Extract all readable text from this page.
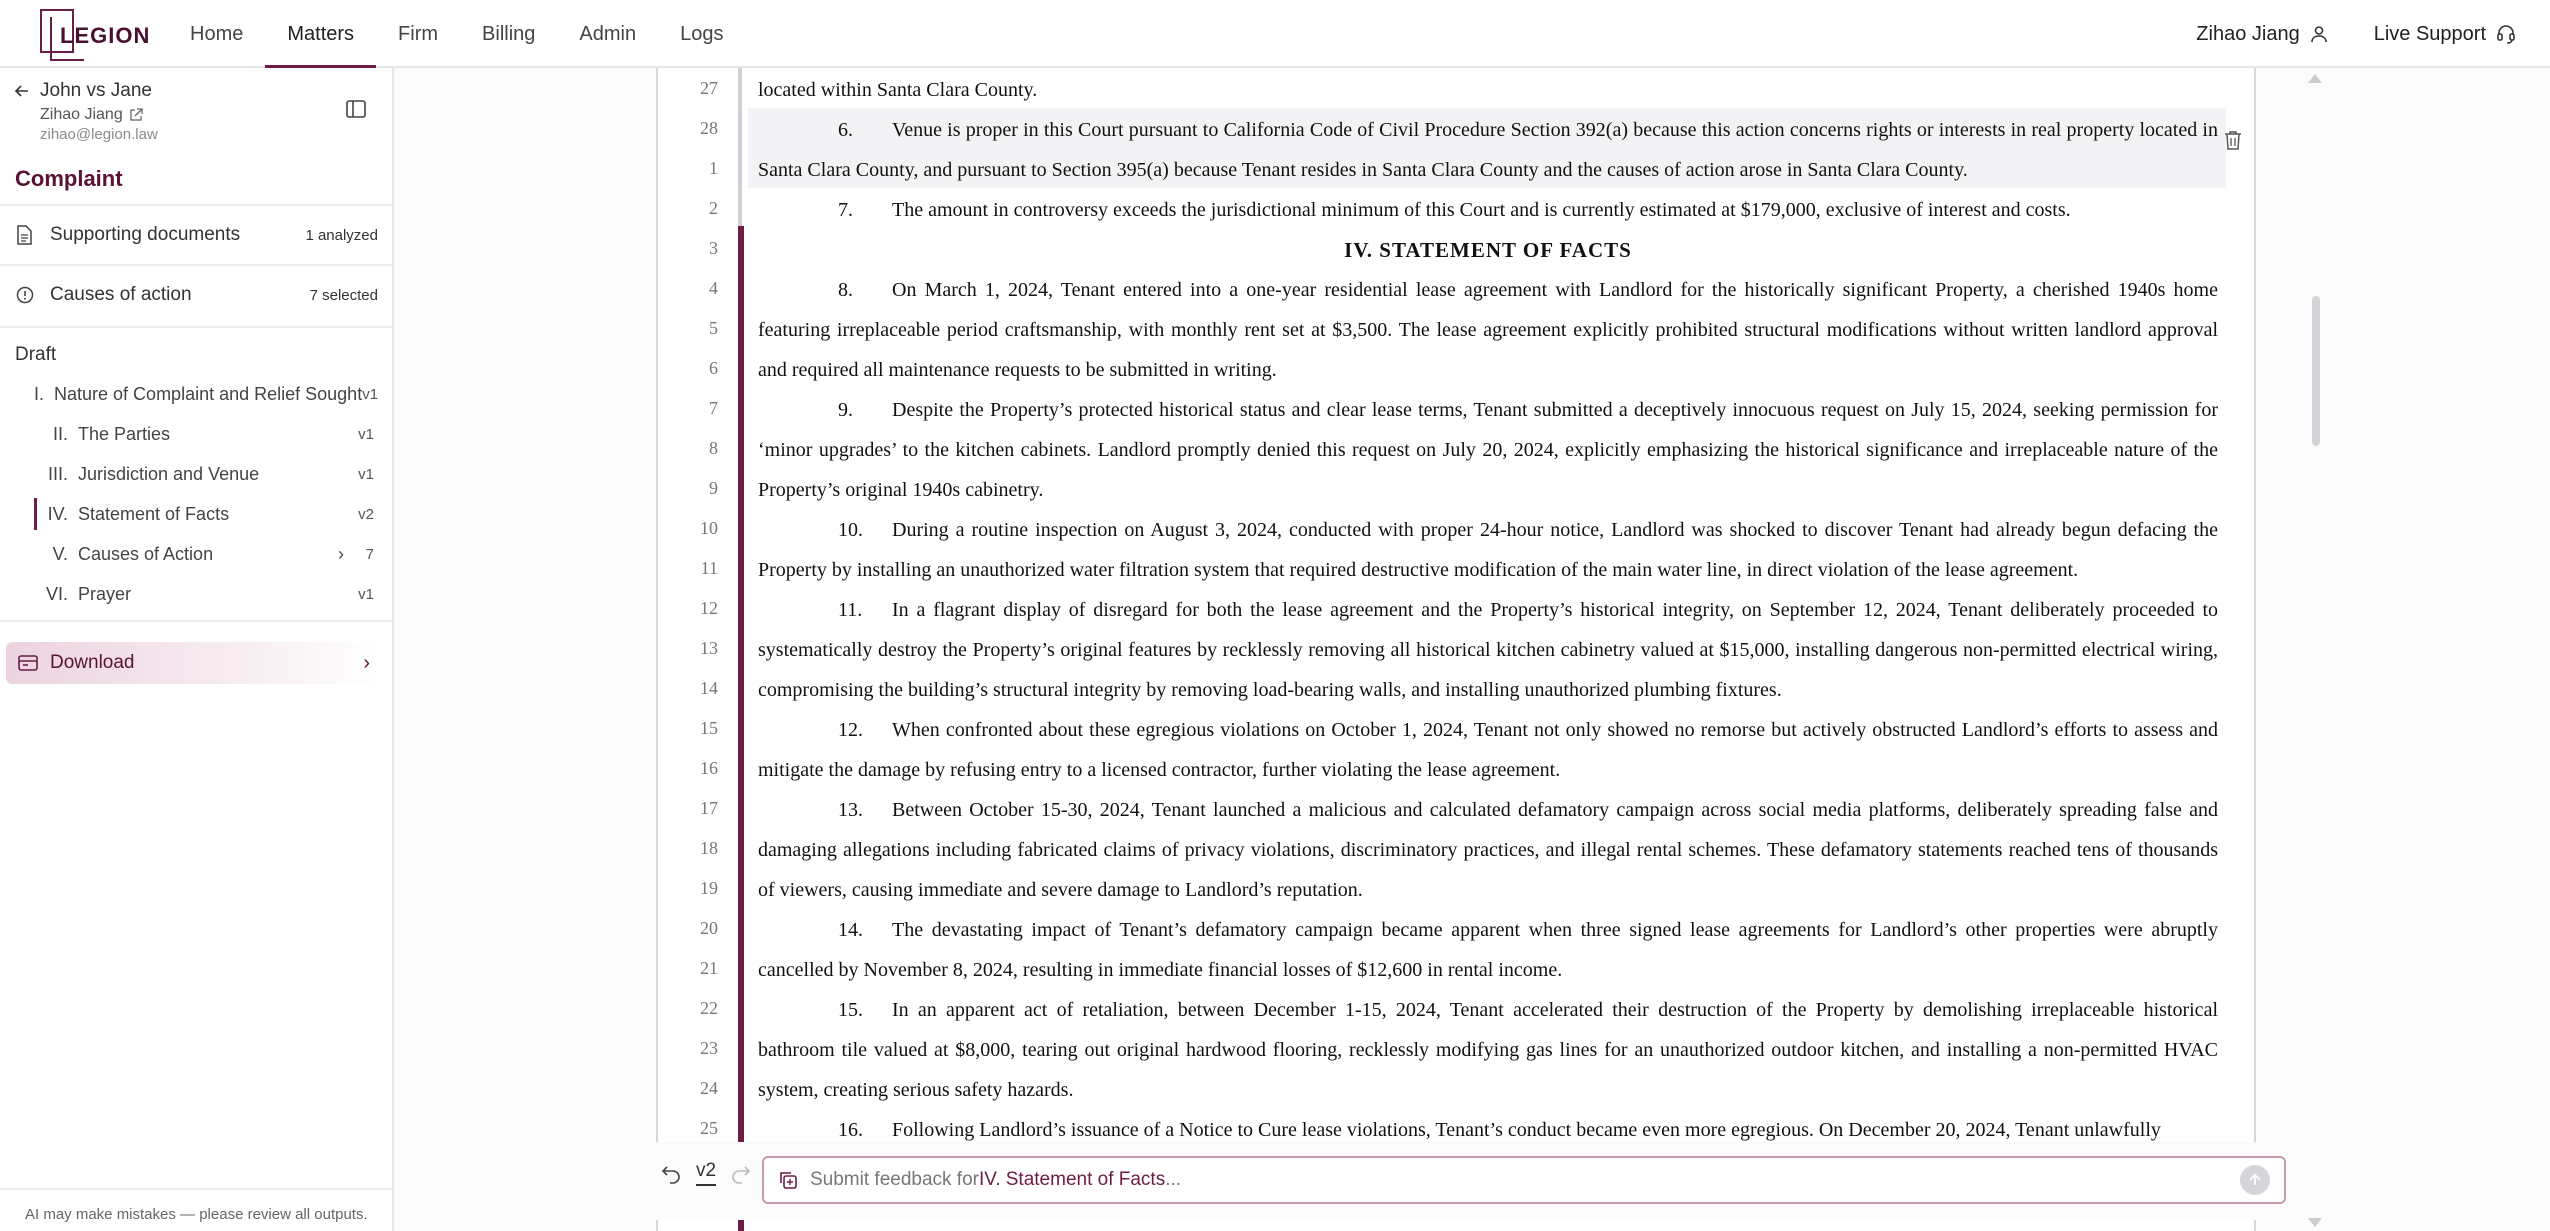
LEGION	Home	Matters	Firm	Billing	Admin	Logs	Zihao Jiang	Live Support
John vs Jane
Zihao Jiang
zihao@legion.law
Complaint
Supporting documents	1 analyzed
Causes of action	7 selected
Draft
I. Nature of Complaint and Relief Sought v1
II. The Parties	v1
III. Jurisdiction and Venue	v1
IV. Statement of Facts	v2
V. Causes of Action	›	7
VI. Prayer	v1
Download	›
AI may make mistakes — please review all outputs.
27
28
1
2
3
4
5
6
7
8
9
10
11
12
13
14
15
16
17
18
19
20
21
22
23
24
25
located within Santa Clara County.
6. Venue is proper in this Court pursuant to California Code of Civil Procedure Section 392(a) because this action concerns rights or interests in real property located in
Santa Clara County, and pursuant to Section 395(a) because Tenant resides in Santa Clara County and the causes of action arose in Santa Clara County.
7. The amount in controversy exceeds the jurisdictional minimum of this Court and is currently estimated at $179,000, exclusive of interest and costs.
IV. STATEMENT OF FACTS
8. On March 1, 2024, Tenant entered into a one-year residential lease agreement with Landlord for the historically significant Property, a cherished 1940s home
featuring irreplaceable period craftsmanship, with monthly rent set at $3,500. The lease agreement explicitly prohibited structural modifications without written landlord approval
and required all maintenance requests to be submitted in writing.
9. Despite the Property’s protected historical status and clear lease terms, Tenant submitted a deceptively innocuous request on July 15, 2024, seeking permission for
‘minor upgrades’ to the kitchen cabinets. Landlord promptly denied this request on July 20, 2024, explicitly emphasizing the historical significance and irreplaceable nature of the
Property’s original 1940s cabinetry.
10. During a routine inspection on August 3, 2024, conducted with proper 24-hour notice, Landlord was shocked to discover Tenant had already begun defacing the
Property by installing an unauthorized water filtration system that required destructive modification of the main water line, in direct violation of the lease agreement.
11. In a flagrant display of disregard for both the lease agreement and the Property’s historical integrity, on September 12, 2024, Tenant deliberately proceeded to
systematically destroy the Property’s original features by recklessly removing all historical kitchen cabinetry valued at $15,000, installing dangerous non-permitted electrical wiring,
compromising the building’s structural integrity by removing load-bearing walls, and installing unauthorized plumbing fixtures.
12. When confronted about these egregious violations on October 1, 2024, Tenant not only showed no remorse but actively obstructed Landlord’s efforts to assess and
mitigate the damage by refusing entry to a licensed contractor, further violating the lease agreement.
13. Between October 15-30, 2024, Tenant launched a malicious and calculated defamatory campaign across social media platforms, deliberately spreading false and
damaging allegations including fabricated claims of privacy violations, discriminatory practices, and illegal rental schemes. These defamatory statements reached tens of thousands
of viewers, causing immediate and severe damage to Landlord’s reputation.
14. The devastating impact of Tenant’s defamatory campaign became apparent when three signed lease agreements for Landlord’s other properties were abruptly
cancelled by November 8, 2024, resulting in immediate financial losses of $12,600 in rental income.
15. In an apparent act of retaliation, between December 1-15, 2024, Tenant accelerated their destruction of the Property by demolishing irreplaceable historical
bathroom tile valued at $8,000, tearing out original hardwood flooring, recklessly modifying gas lines for an unauthorized outdoor kitchen, and installing a non-permitted HVAC
system, creating serious safety hazards.
16. Following Landlord’s issuance of a Notice to Cure lease violations, Tenant’s conduct became even more egregious. On December 20, 2024, Tenant unlawfully
v2	Submit feedback for IV. Statement of Facts ...
